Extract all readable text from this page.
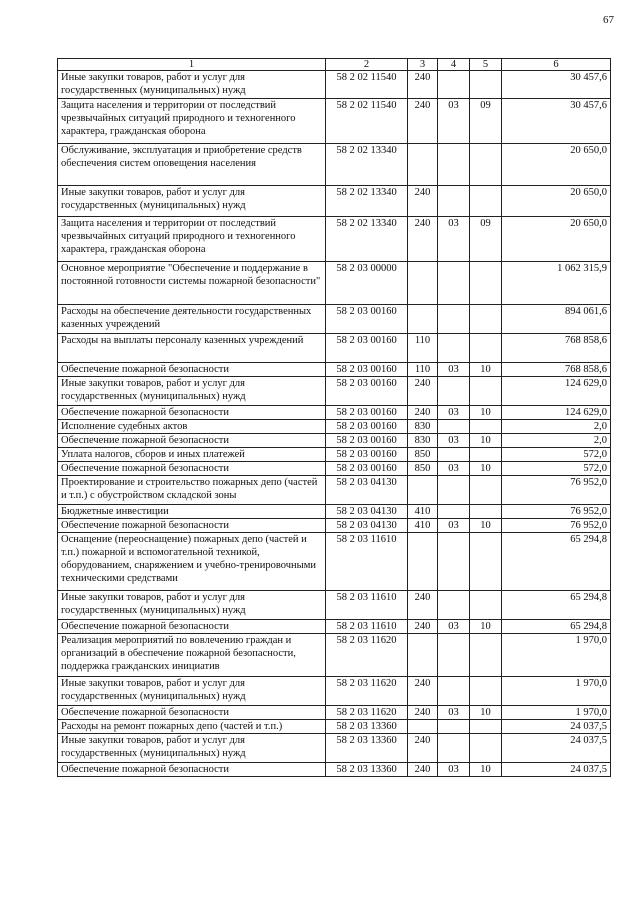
67
1	2	3	4	5	6
Иные закупки товаров, работ и услуг для государственных (муниципальных) нужд	58 2 02 11540	240			30 457,6
Защита населения и территории от последствий чрезвычайных ситуаций природного и техногенного характера, гражданская оборона	58 2 02 11540	240	03	09	30 457,6
Обслуживание, эксплуатация и приобретение средств обеспечения систем оповещения населения	58 2 02 13340				20 650,0
Иные закупки товаров, работ и услуг для государственных (муниципальных) нужд	58 2 02 13340	240			20 650,0
Защита населения и территории от последствий чрезвычайных ситуаций природного и техногенного характера, гражданская оборона	58 2 02 13340	240	03	09	20 650,0
Основное мероприятие "Обеспечение и поддержание в постоянной готовности системы пожарной безопасности"	58 2 03 00000				1 062 315,9
Расходы на обеспечение деятельности государственных казенных учреждений	58 2 03 00160				894 061,6
Расходы на выплаты персоналу казенных учреждений	58 2 03 00160	110			768 858,6
Обеспечение пожарной безопасности	58 2 03 00160	110	03	10	768 858,6
Иные закупки товаров, работ и услуг для государственных (муниципальных) нужд	58 2 03 00160	240			124 629,0
Обеспечение пожарной безопасности	58 2 03 00160	240	03	10	124 629,0
Исполнение судебных актов	58 2 03 00160	830			2,0
Обеспечение пожарной безопасности	58 2 03 00160	830	03	10	2,0
Уплата налогов, сборов и иных платежей	58 2 03 00160	850			572,0
Обеспечение пожарной безопасности	58 2 03 00160	850	03	10	572,0
Проектирование и строительство пожарных депо (частей и т.п.) с обустройством складской зоны	58 2 03 04130				76 952,0
Бюджетные инвестиции	58 2 03 04130	410			76 952,0
Обеспечение пожарной безопасности	58 2 03 04130	410	03	10	76 952,0
Оснащение (переоснащение) пожарных депо (частей и т.п.) пожарной и вспомогательной техникой, оборудованием, снаряжением и учебно-тренировочными техническими средствами	58 2 03 11610				65 294,8
Иные закупки товаров, работ и услуг для государственных (муниципальных) нужд	58 2 03 11610	240			65 294,8
Обеспечение пожарной безопасности	58 2 03 11610	240	03	10	65 294,8
Реализация мероприятий по вовлечению граждан и организаций в обеспечение пожарной безопасности, поддержка гражданских инициатив	58 2 03 11620				1 970,0
Иные закупки товаров, работ и услуг для государственных (муниципальных) нужд	58 2 03 11620	240			1 970,0
Обеспечение пожарной безопасности	58 2 03 11620	240	03	10	1 970,0
Расходы на ремонт пожарных депо (частей и т.п.)	58 2 03 13360				24 037,5
Иные закупки товаров, работ и услуг для государственных (муниципальных) нужд	58 2 03 13360	240			24 037,5
Обеспечение пожарной безопасности	58 2 03 13360	240	03	10	24 037,5
